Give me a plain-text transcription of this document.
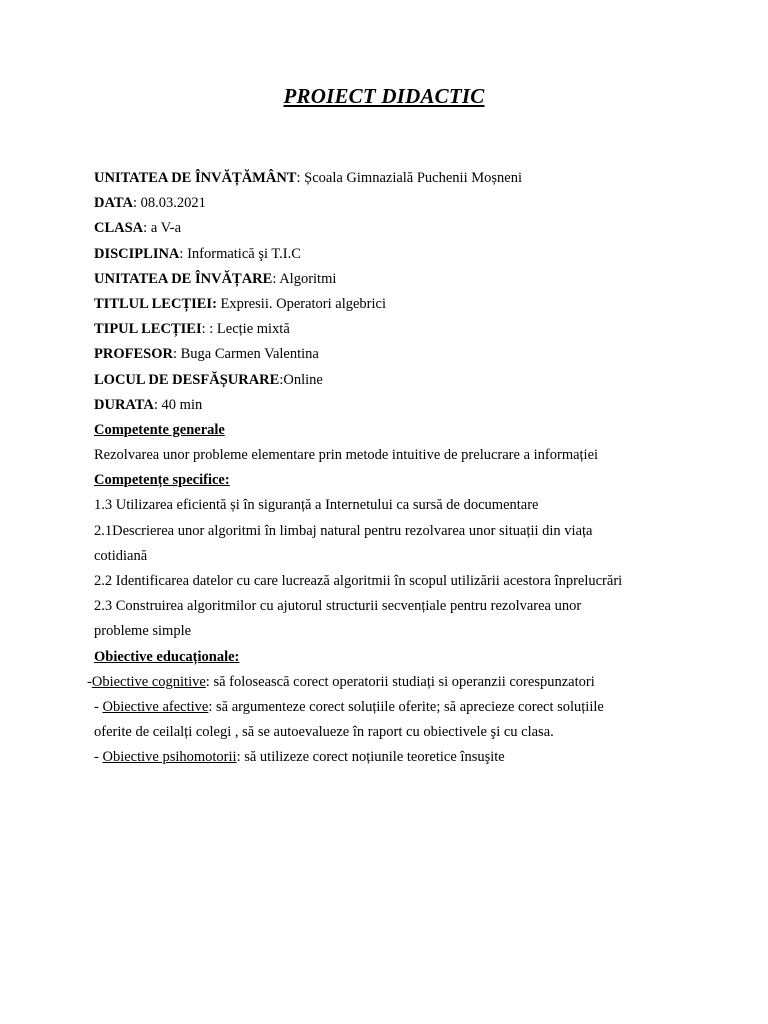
PROIECT DIDACTIC
UNITATEA DE ÎNVĂȚĂMÂNT: Școala Gimnazială Puchenii Moșneni
DATA: 08.03.2021
CLASA: a V-a
DISCIPLINA: Informatică şi T.I.C
UNITATEA DE ÎNVĂȚARE: Algoritmi
TITLUL LECȚIEI: Expresii. Operatori algebrici
TIPUL LECȚIEI: : Lecție mixtă
PROFESOR: Buga Carmen Valentina
LOCUL DE DESFĂȘURARE:Online
DURATA: 40 min
Competente generale
Rezolvarea unor probleme elementare prin metode intuitive de prelucrare a informației
Competențe specifice:
1.3 Utilizarea eficientă și în siguranță a Internetului ca sursă de documentare
2.1Descrierea unor algoritmi în limbaj natural pentru rezolvarea unor situații din viața
cotidiană
2.2 Identificarea datelor cu care lucrează algoritmii în scopul utilizării acestora înprelucrări
2.3 Construirea algoritmilor cu ajutorul structurii secvențiale pentru rezolvarea unor
probleme simple
Obiective educaționale:
-Obiective cognitive: să folosească corect operatorii studiați si operanzii corespunzatori
- Obiective afective: să argumenteze corect soluțiile oferite; să aprecieze corect soluțiile
oferite de ceilalți colegi , să se autoevalueze în raport cu obiectivele şi cu clasa.
- Obiective psihomotorii: să utilizeze corect noțiunile teoretice însuşite
